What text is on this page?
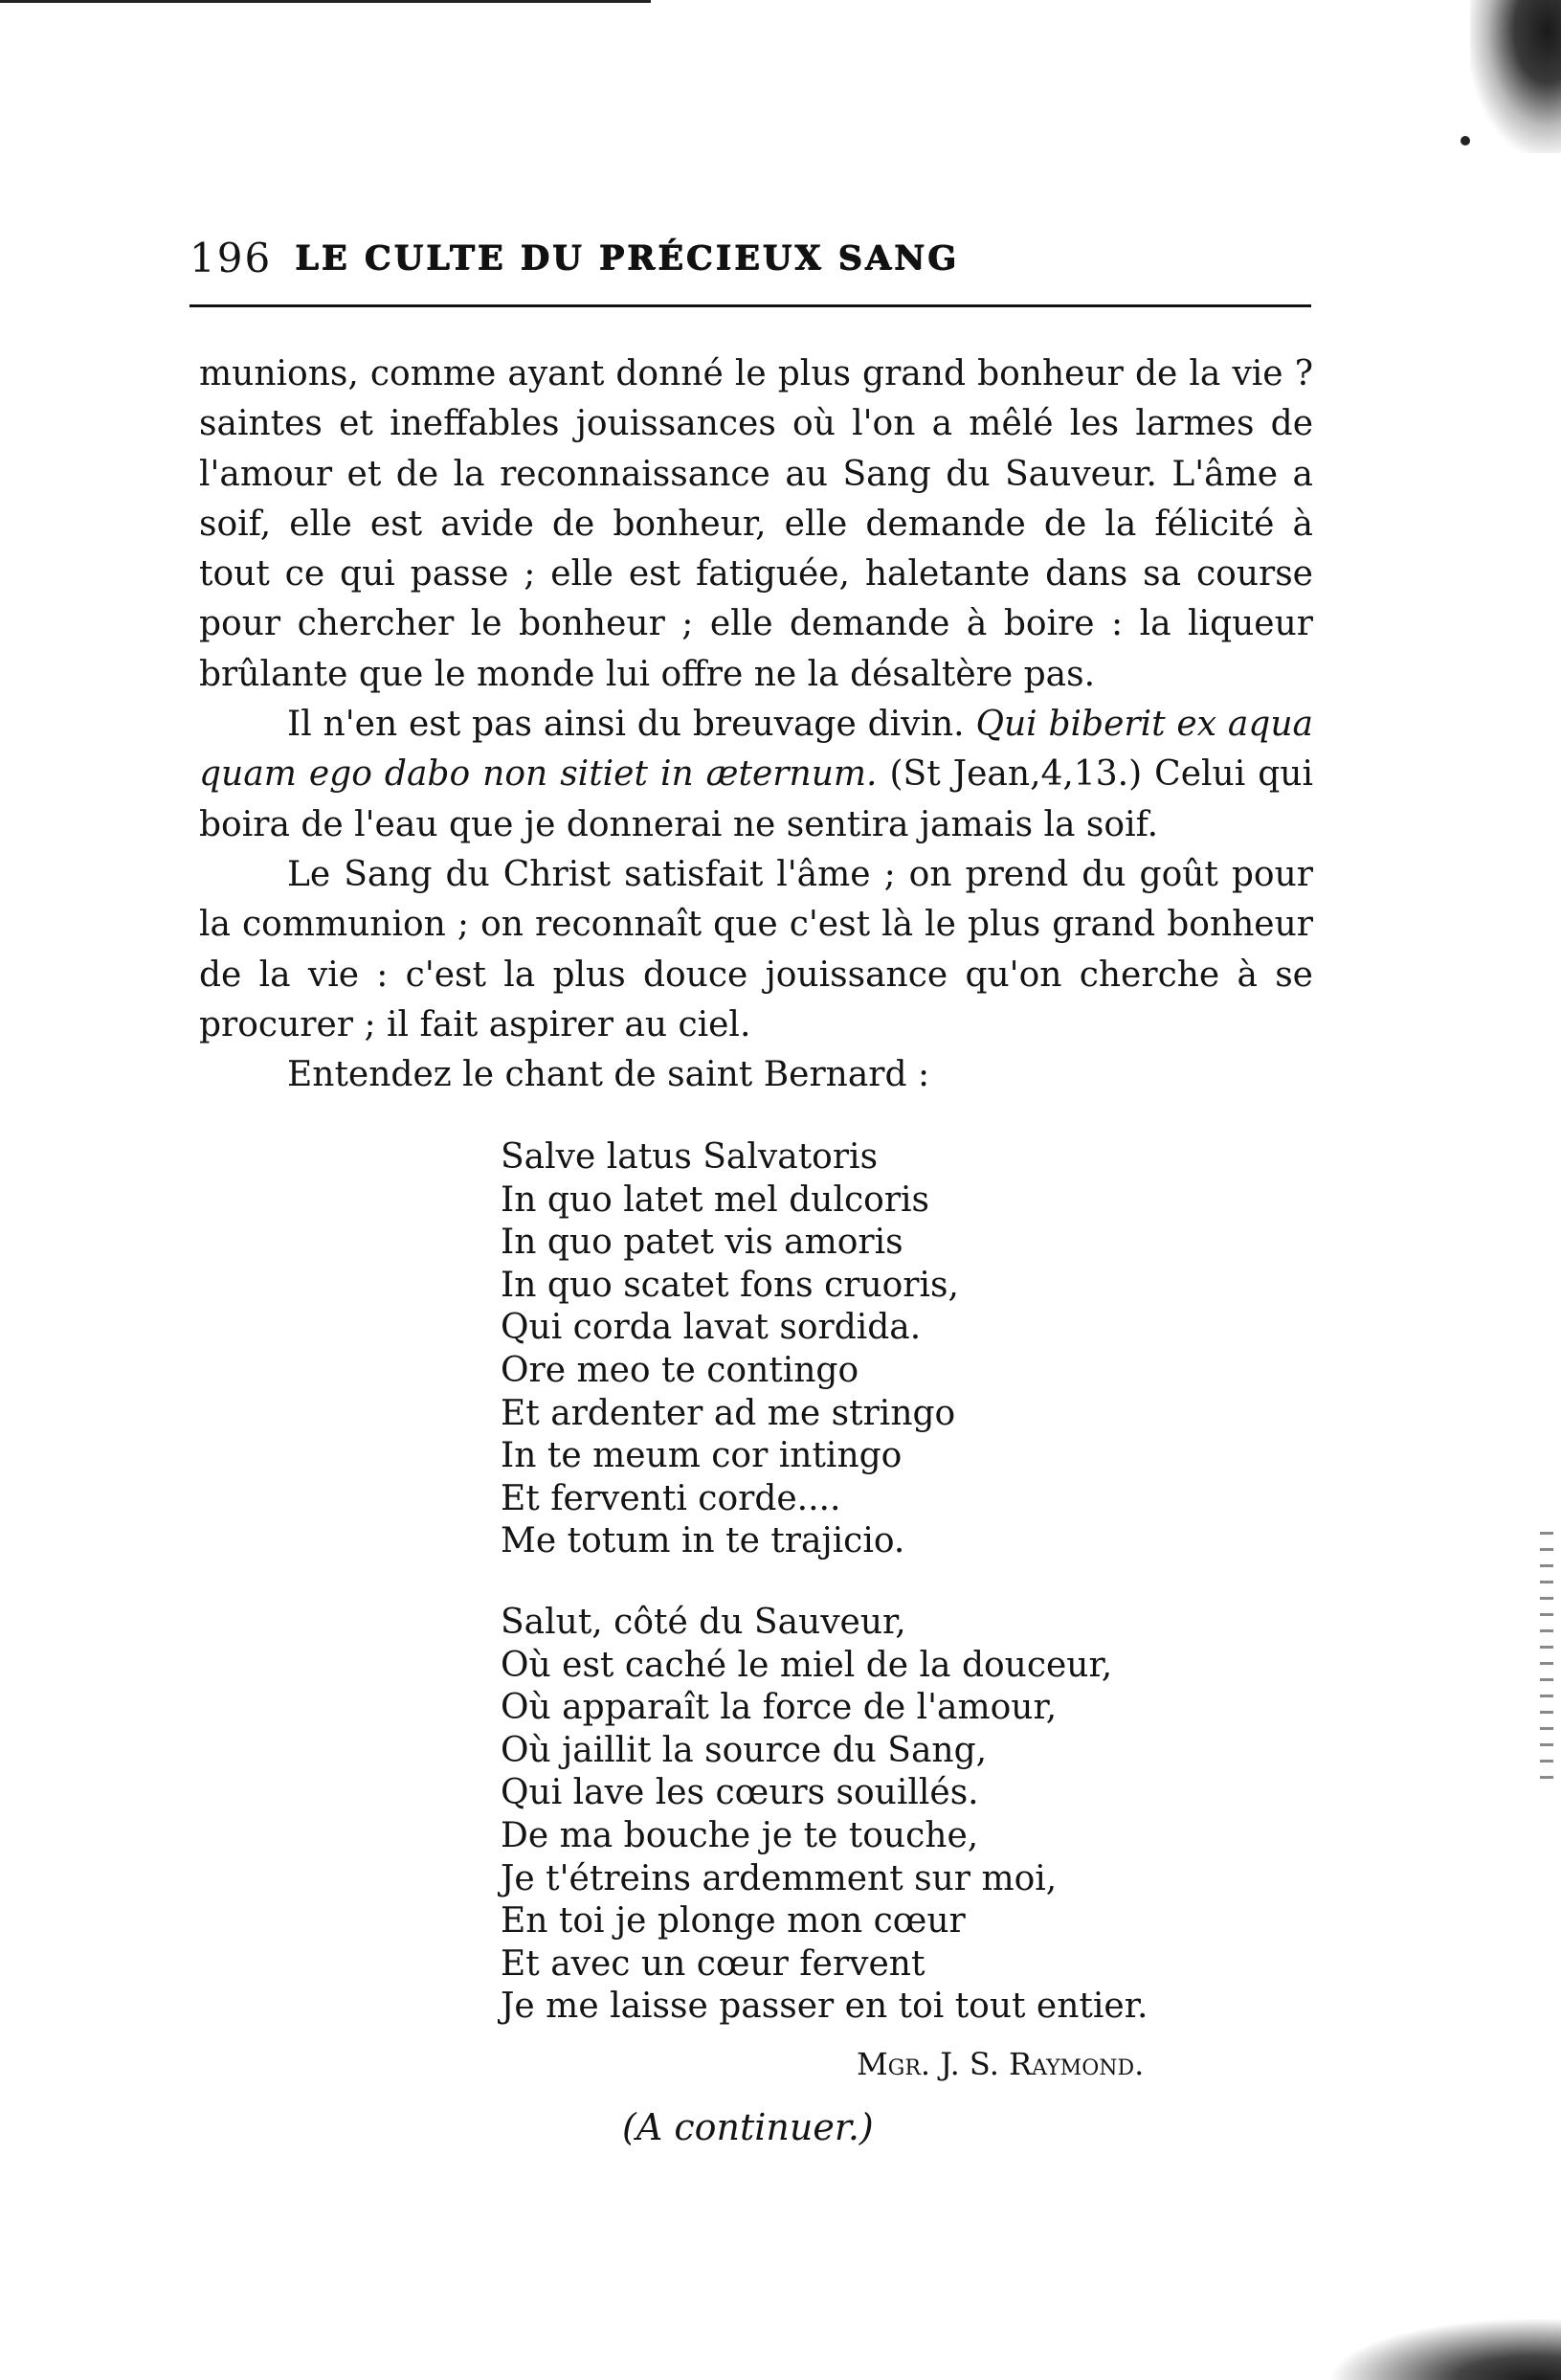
196 LE CULTE DU PRÉCIEUX SANG

munions, comme ayant donné le plus grand bonheur de la vie ? saintes et ineffables jouissances où l'on a mêlé les larmes de l'amour et de la reconnaissance au Sang du Sauveur. L'âme a soif, elle est avide de bonheur, elle demande de la félicité à tout ce qui passe ; elle est fatiguée, haletante dans sa course pour chercher le bonheur ; elle demande à boire : la liqueur brûlante que le monde lui offre ne la désaltère pas.

Il n'en est pas ainsi du breuvage divin. Qui biberit ex aqua quam ego dabo non sitiet in æternum. (St Jean,4,13.) Celui qui boira de l'eau que je donnerai ne sentira jamais la soif.

Le Sang du Christ satisfait l'âme ; on prend du goût pour la communion ; on reconnaît que c'est là le plus grand bonheur de la vie : c'est la plus douce jouissance qu'on cherche à se procurer ; il fait aspirer au ciel.

Entendez le chant de saint Bernard :

Salve latus Salvatoris
In quo latet mel dulcoris
In quo patet vis amoris
In quo scatet fons cruoris,
Qui corda lavat sordida.
Ore meo te contingo
Et ardenter ad me stringo
In te meum cor intingo
Et ferventi corde....
Me totum in te trajicio.
Salut, côté du Sauveur,
Où est caché le miel de la douceur,
Où apparaît la force de l'amour,
Où jaillit la source du Sang,
Qui lave les cœurs souillés.
De ma bouche je te touche,
Je t'étreins ardemment sur moi,
En toi je plonge mon cœur
Et avec un cœur fervent
Je me laisse passer en toi tout entier.
Mgr. J. S. Raymond.
(A continuer.)
